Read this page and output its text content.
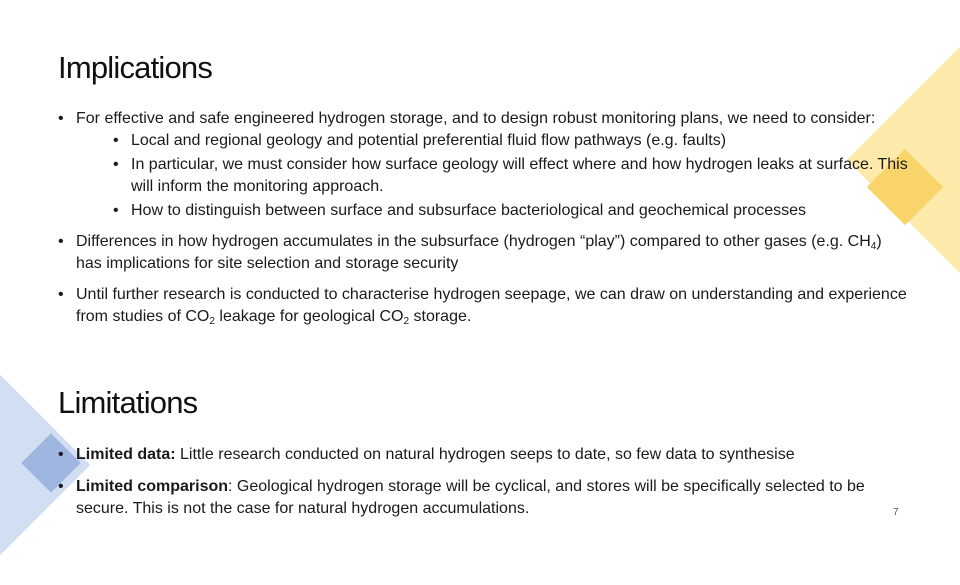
Implications
• For effective and safe engineered hydrogen storage, and to design robust monitoring plans, we need to consider:
• Local and regional geology and potential preferential fluid flow pathways (e.g. faults)
• In particular, we must consider how surface geology will effect where and how hydrogen leaks at surface. This will inform the monitoring approach.
• How to distinguish between surface and subsurface bacteriological and geochemical processes
• Differences in how hydrogen accumulates in the subsurface (hydrogen “play”) compared to other gases (e.g. $CH_4$) has implications for site selection and storage security
• Until further research is conducted to characterise hydrogen seepage, we can draw on understanding and experience from studies of $CO_2$ leakage for geological $CO_2$ storage.
Limitations
• Limited data: Little research conducted on natural hydrogen seeps to date, so few data to synthesise
• Limited comparison: Geological hydrogen storage will be cyclical, and stores will be specifically selected to be secure. This is not the case for natural hydrogen accumulations.	7
